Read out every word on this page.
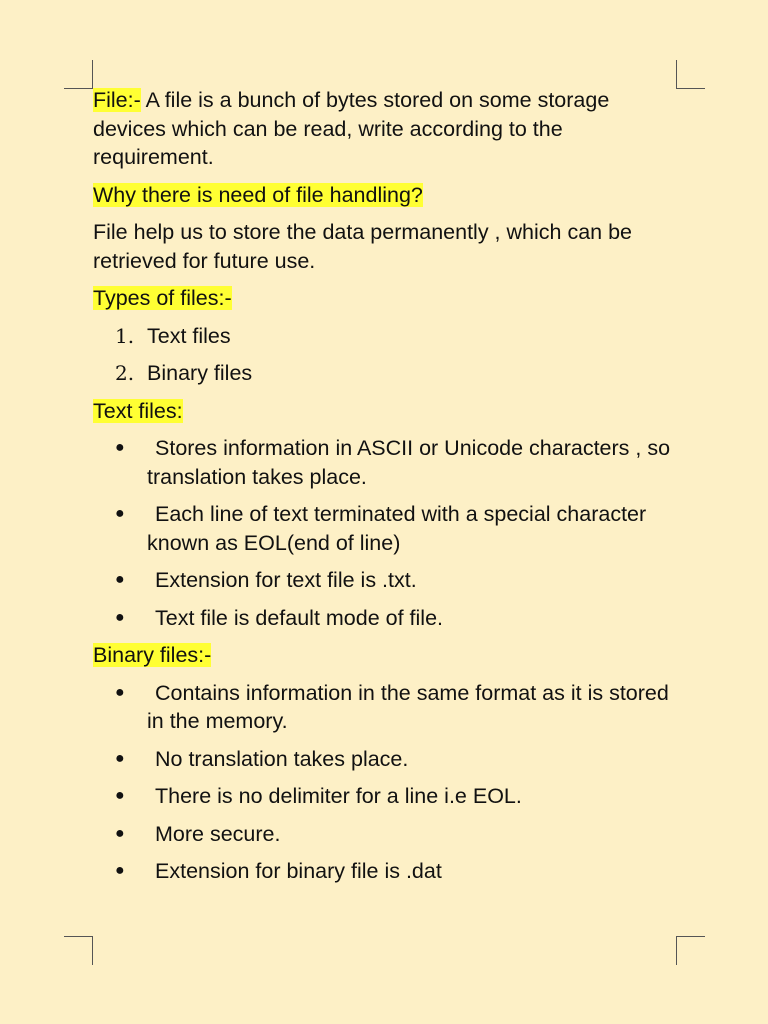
File:- A file is a bunch of bytes stored on some storage devices which can be read, write according to the requirement.

Why there is need of file handling?

File help us to store the data permanently , which can be retrieved for future use.

Types of files:-

1. Text files
2. Binary files

Text files:

●	Stores information in ASCII or Unicode characters , so translation takes place.
●	Each line of text terminated with a special character known as EOL(end of line)
●	Extension for text file is .txt.
●	Text file is default mode of file.

Binary files:-

●	Contains information in the same format as it is stored in the memory.
●	No translation takes place.
●	There is no delimiter for a line i.e EOL.
●	More secure.
●	Extension for binary file is .dat
